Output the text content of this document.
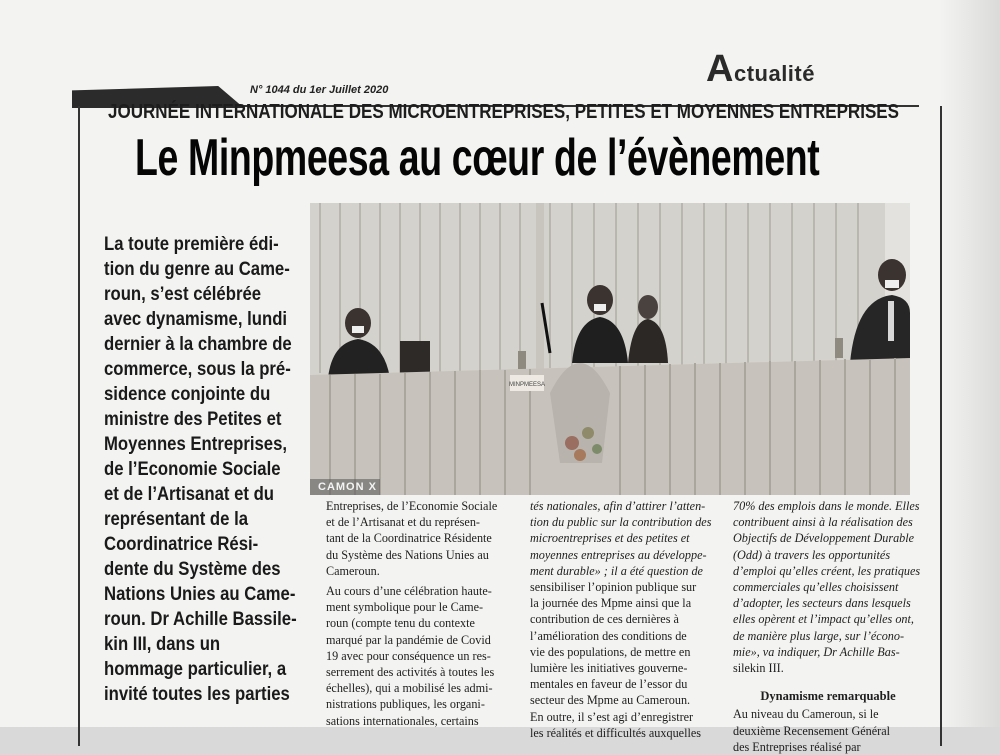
Actualité
N° 1044 du 1er Juillet 2020
JOURNÉE INTERNATIONALE DES MICROENTREPRISES, PETITES ET MOYENNES ENTREPRISES
Le Minpmeesa au cœur de l’évènement
La toute première édi-
tion du genre au Came-
roun, s’est célébrée
avec dynamisme, lundi
dernier à la chambre de
commerce, sous la pré-
sidence conjointe du
ministre des Petites et
Moyennes Entreprises,
de l’Economie Sociale
et de l’Artisanat et du
représentant de la
Coordinatrice Rési-
dente du Système des
Nations Unies au Came-
roun. Dr Achille Bassile-
kin III, dans un
hommage particulier, a
invité toutes les parties
MINPMEESA
CAMON X
Entreprises, de l’Economie Sociale
et de l’Artisanat et du représen-
tant de la Coordinatrice Résidente
du Système des Nations Unies au
Cameroun.
Au cours d’une célébration haute-
ment symbolique pour le Came-
roun (compte tenu du contexte
marqué par la pandémie de Covid
19 avec pour conséquence un res-
serrement des activités à toutes les
échelles), qui a mobilisé les admi-
nistrations publiques, les organi-
sations internationales, certains
tés nationales, afin d’attirer l’atten-
tion du public sur la contribution des
microentreprises et des petites et
moyennes entreprises au développe-
ment durable» ; il a été question de
sensibiliser l’opinion publique sur
la journée des Mpme ainsi que la
contribution de ces dernières à
l’amélioration des conditions de
vie des populations, de mettre en
lumière les initiatives gouverne-
mentales en faveur de l’essor du
secteur des Mpme au Cameroun.
En outre, il s’est agi d’enregistrer
les réalités et difficultés auxquelles
70% des emplois dans le monde. Elles
contribuent ainsi à la réalisation des
Objectifs de Développement Durable
(Odd) à travers les opportunités
d’emploi qu’elles créent, les pratiques
commerciales qu’elles choisissent
d’adopter, les secteurs dans lesquels
elles opèrent et l’impact qu’elles ont,
de manière plus large, sur l’écono-
mie», va indiquer, Dr Achille Bas-
silekin III.
Dynamisme remarquable
Au niveau du Cameroun, si le
deuxième Recensement Général
des Entreprises réalisé par
